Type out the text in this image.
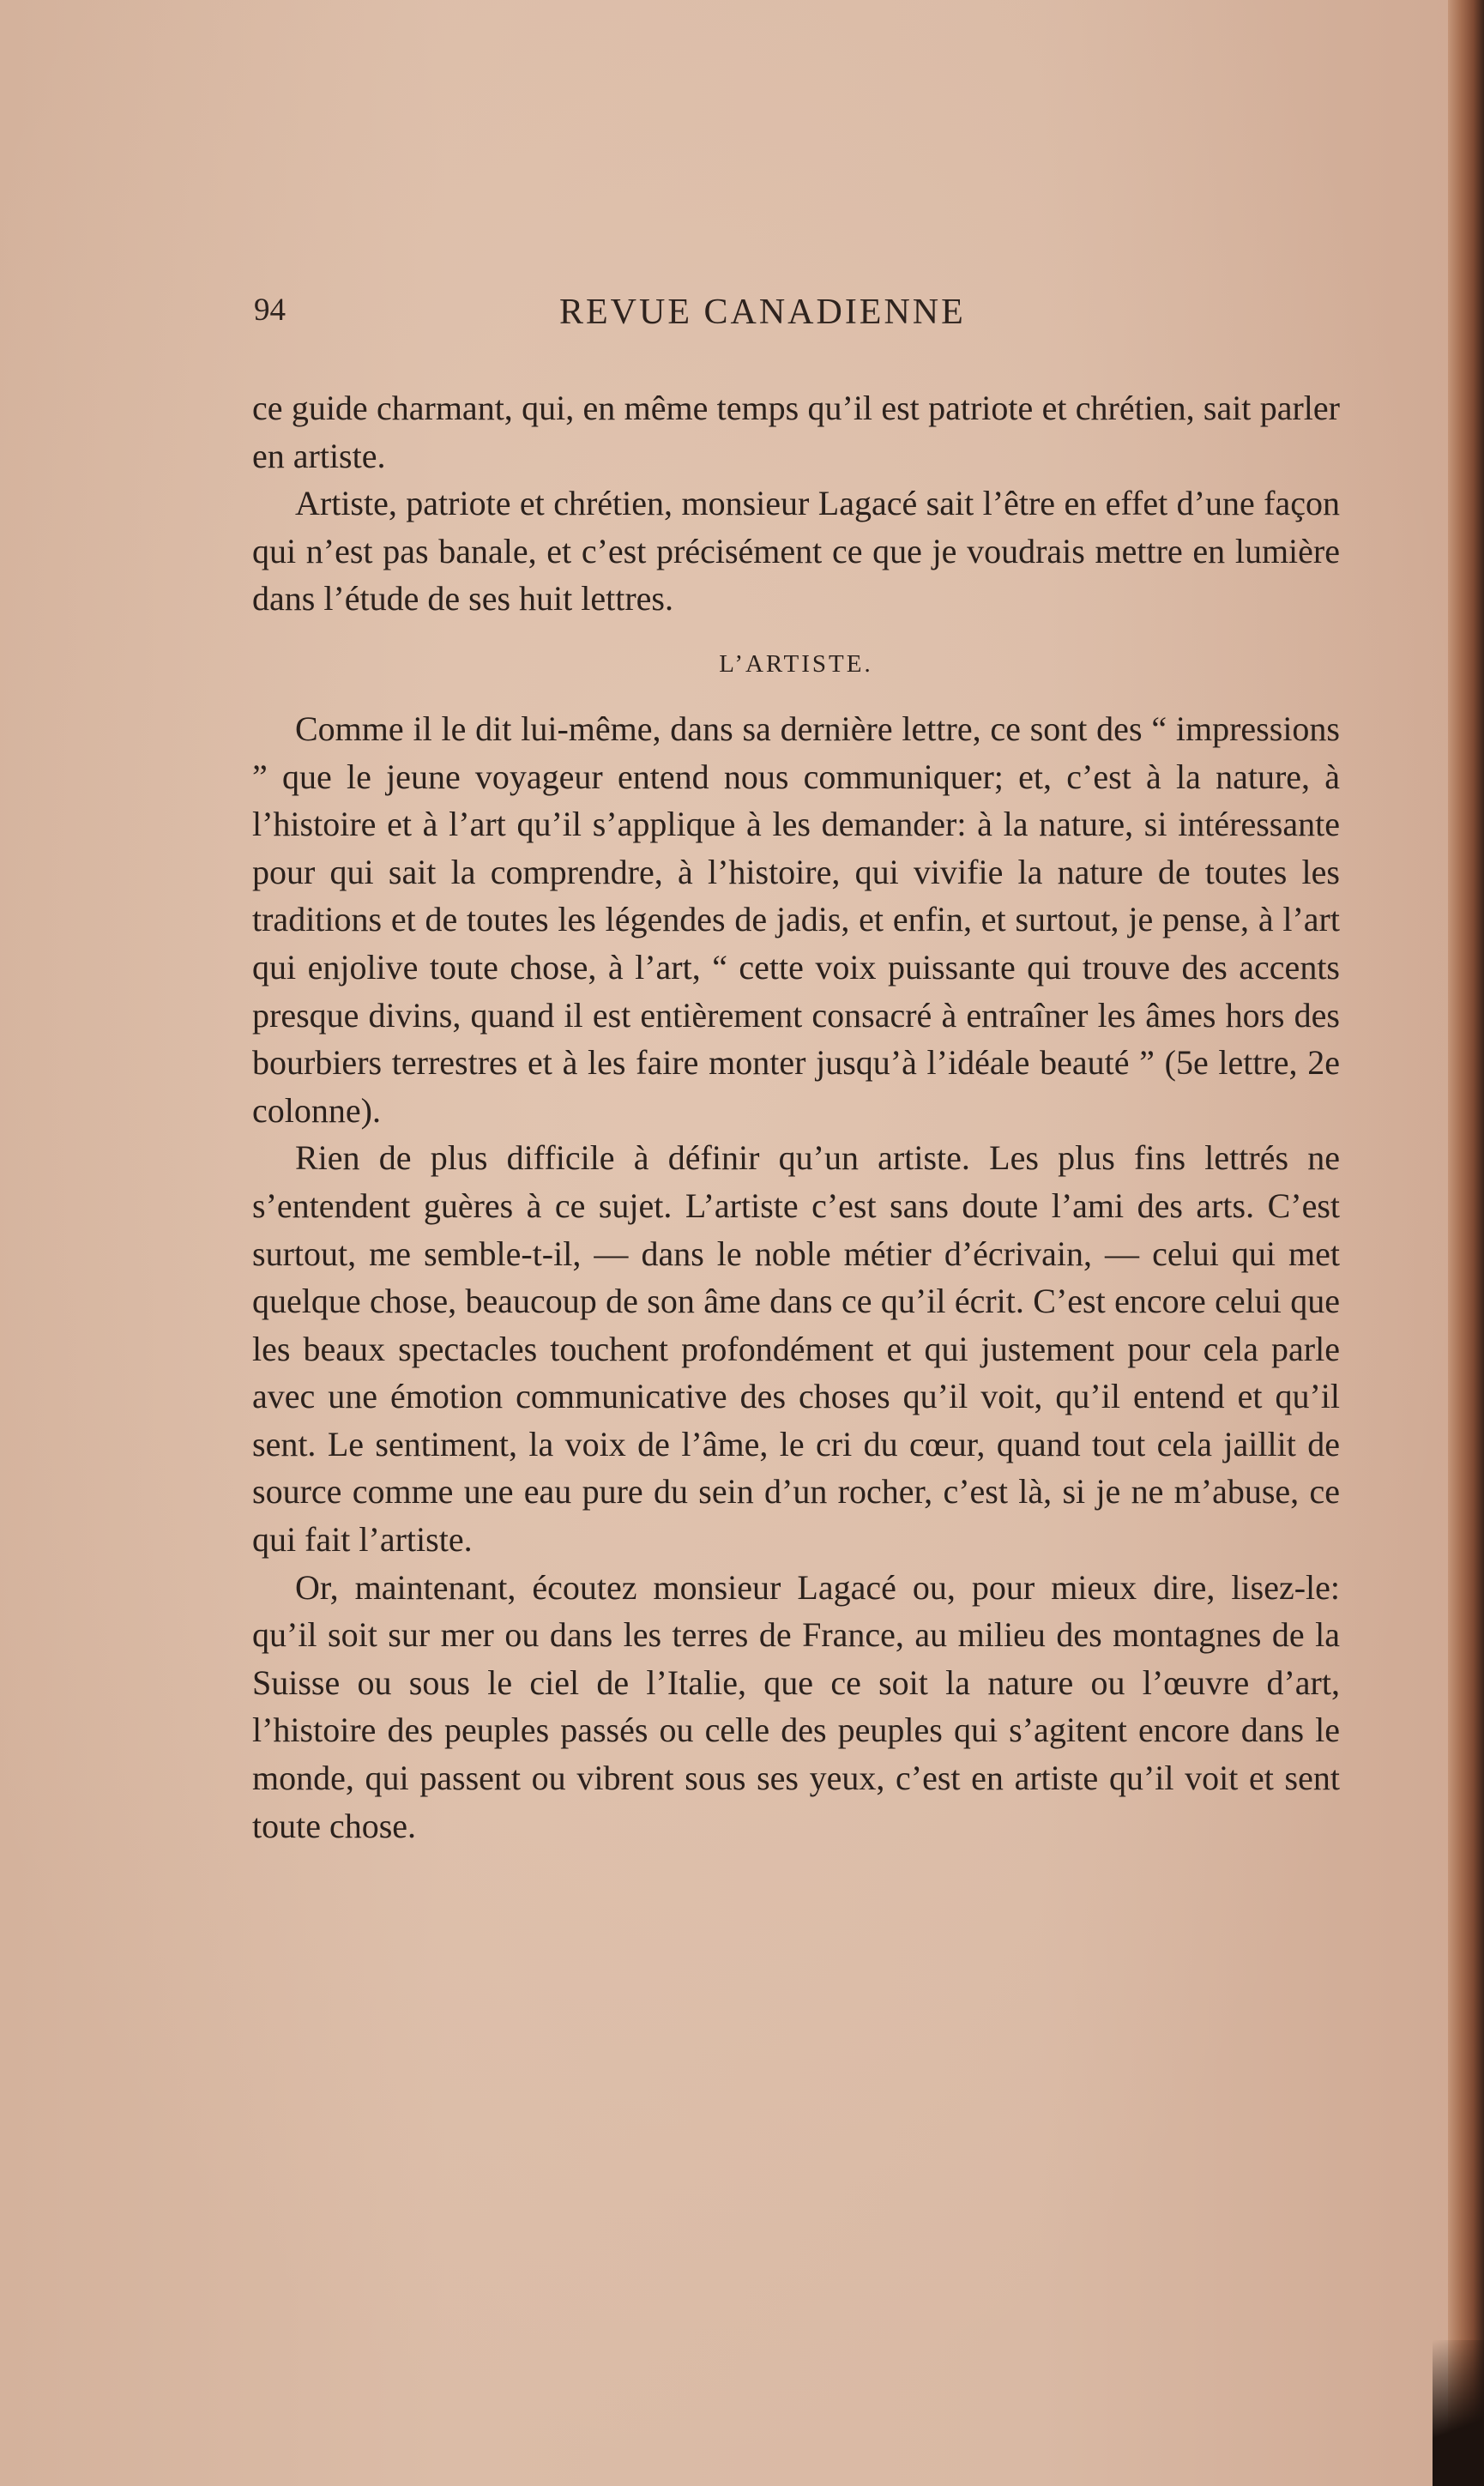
94	REVUE CANADIENNE

ce guide charmant, qui, en même temps qu’il est patriote et chrétien, sait parler en artiste.

Artiste, patriote et chrétien, monsieur Lagacé sait l’être en effet d’une façon qui n’est pas banale, et c’est précisément ce que je voudrais mettre en lumière dans l’étude de ses huit lettres.

L’ARTISTE.

Comme il le dit lui-même, dans sa dernière lettre, ce sont des “ impressions ” que le jeune voyageur entend nous communiquer; et, c’est à la nature, à l’histoire et à l’art qu’il s’applique à les demander: à la nature, si intéressante pour qui sait la comprendre, à l’histoire, qui vivifie la nature de toutes les traditions et de toutes les légendes de jadis, et enfin, et surtout, je pense, à l’art qui enjolive toute chose, à l’art, “ cette voix puissante qui trouve des accents presque divins, quand il est entièrement consacré à entraîner les âmes hors des bourbiers terrestres et à les faire monter jusqu’à l’idéale beauté ” (5e lettre, 2e colonne).

Rien de plus difficile à définir qu’un artiste. Les plus fins lettrés ne s’entendent guères à ce sujet. L’artiste c’est sans doute l’ami des arts. C’est surtout, me semble-t-il, — dans le noble métier d’écrivain, — celui qui met quelque chose, beaucoup de son âme dans ce qu’il écrit. C’est encore celui que les beaux spectacles touchent profondément et qui justement pour cela parle avec une émotion communicative des choses qu’il voit, qu’il entend et qu’il sent. Le sentiment, la voix de l’âme, le cri du cœur, quand tout cela jaillit de source comme une eau pure du sein d’un rocher, c’est là, si je ne m’abuse, ce qui fait l’artiste.

Or, maintenant, écoutez monsieur Lagacé ou, pour mieux dire, lisez-le: qu’il soit sur mer ou dans les terres de France, au milieu des montagnes de la Suisse ou sous le ciel de l’Italie, que ce soit la nature ou l’œuvre d’art, l’histoire des peuples passés ou celle des peuples qui s’agitent encore dans le monde, qui passent ou vibrent sous ses yeux, c’est en artiste qu’il voit et sent toute chose.
